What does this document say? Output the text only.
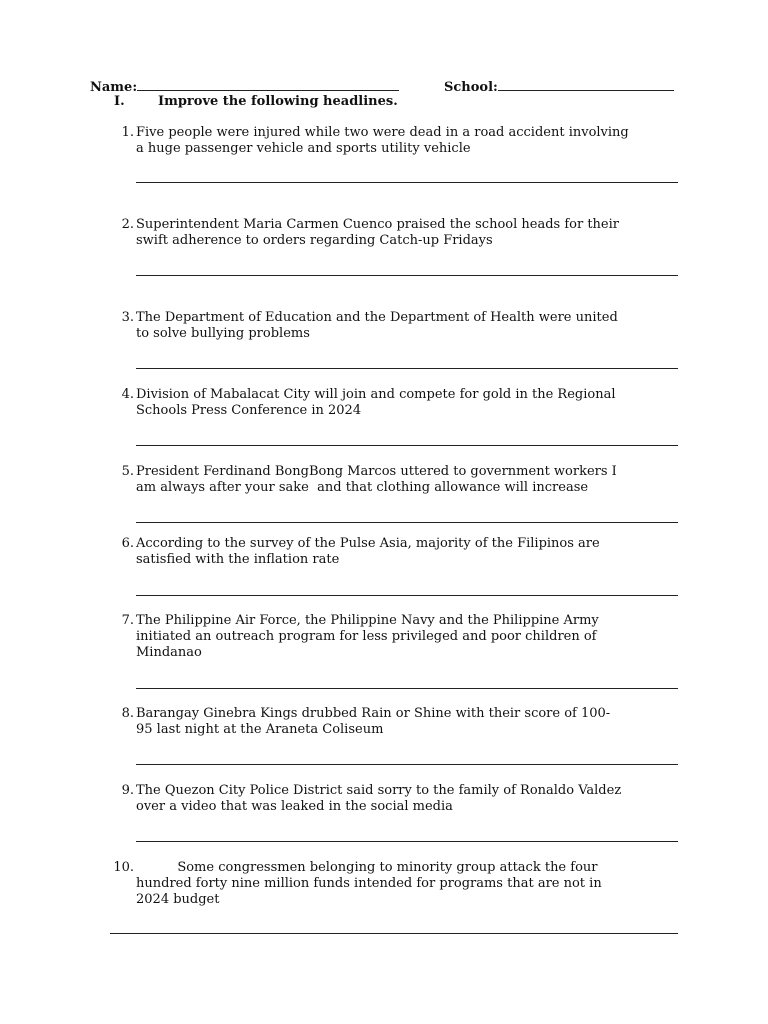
Name:	School:
I.	Improve the following headlines.
1. Five people were injured while two were dead in a road accident involving
a huge passenger vehicle and sports utility vehicle
2. Superintendent Maria Carmen Cuenco praised the school heads for their
swift adherence to orders regarding Catch-up Fridays
3. The Department of Education and the Department of Health were united
to solve bullying problems
4. Division of Mabalacat City will join and compete for gold in the Regional
Schools Press Conference in 2024
5. President Ferdinand BongBong Marcos uttered to government workers I
am always after your sake  and that clothing allowance will increase
6. According to the survey of the Pulse Asia, majority of the Filipinos are
satisfied with the inflation rate
7. The Philippine Air Force, the Philippine Navy and the Philippine Army
initiated an outreach program for less privileged and poor children of
Mindanao
8. Barangay Ginebra Kings drubbed Rain or Shine with their score of 100-
95 last night at the Araneta Coliseum
9. The Quezon City Police District said sorry to the family of Ronaldo Valdez
over a video that was leaked in the social media
10.	Some congressmen belonging to minority group attack the four
hundred forty nine million funds intended for programs that are not in
2024 budget
